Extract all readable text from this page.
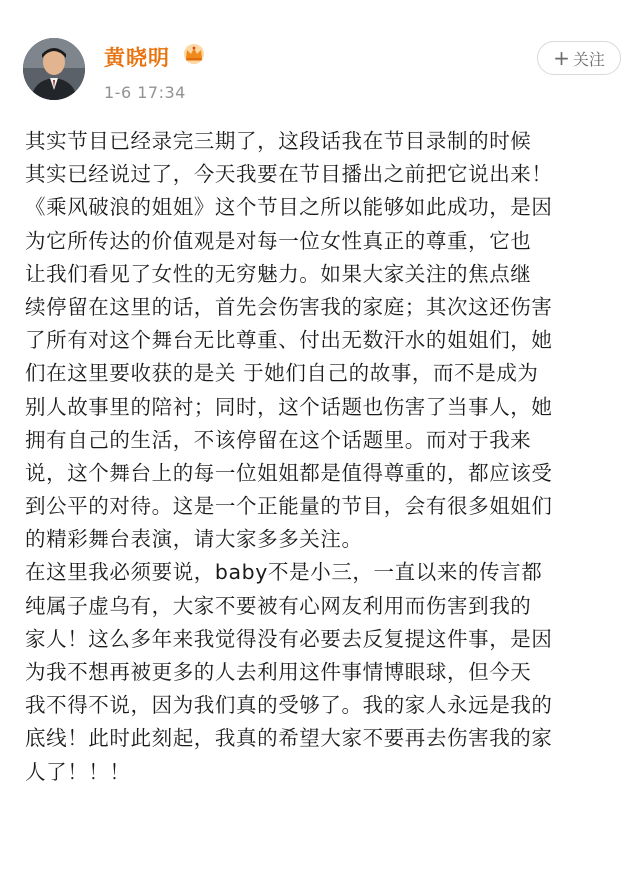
黄晓明
1-6 17:34
+ 关注
其实节目已经录完三期了，这段话我在节目录制的时候
其实已经说过了，今天我要在节目播出之前把它说出来！
《乘风破浪的姐姐》这个节目之所以能够如此成功，是因
为它所传达的价值观是对每一位女性真正的尊重，它也
让我们看见了女性的无穷魅力。如果大家关注的焦点继
续停留在这里的话，首先会伤害我的家庭；其次这还伤害
了所有对这个舞台无比尊重、付出无数汗水的姐姐们，她
们在这里要收获的是关 于她们自己的故事，而不是成为
别人故事里的陪衬；同时，这个话题也伤害了当事人，她
拥有自己的生活，不该停留在这个话题里。而对于我来
说，这个舞台上的每一位姐姐都是值得尊重的，都应该受
到公平的对待。这是一个正能量的节目，会有很多姐姐们
的精彩舞台表演，请大家多多关注。
在这里我必须要说，baby不是小三，一直以来的传言都
纯属子虚乌有，大家不要被有心网友利用而伤害到我的
家人！这么多年来我觉得没有必要去反复提这件事，是因
为我不想再被更多的人去利用这件事情博眼球，但今天
我不得不说，因为我们真的受够了。我的家人永远是我的
底线！此时此刻起，我真的希望大家不要再去伤害我的家
人了！！！
